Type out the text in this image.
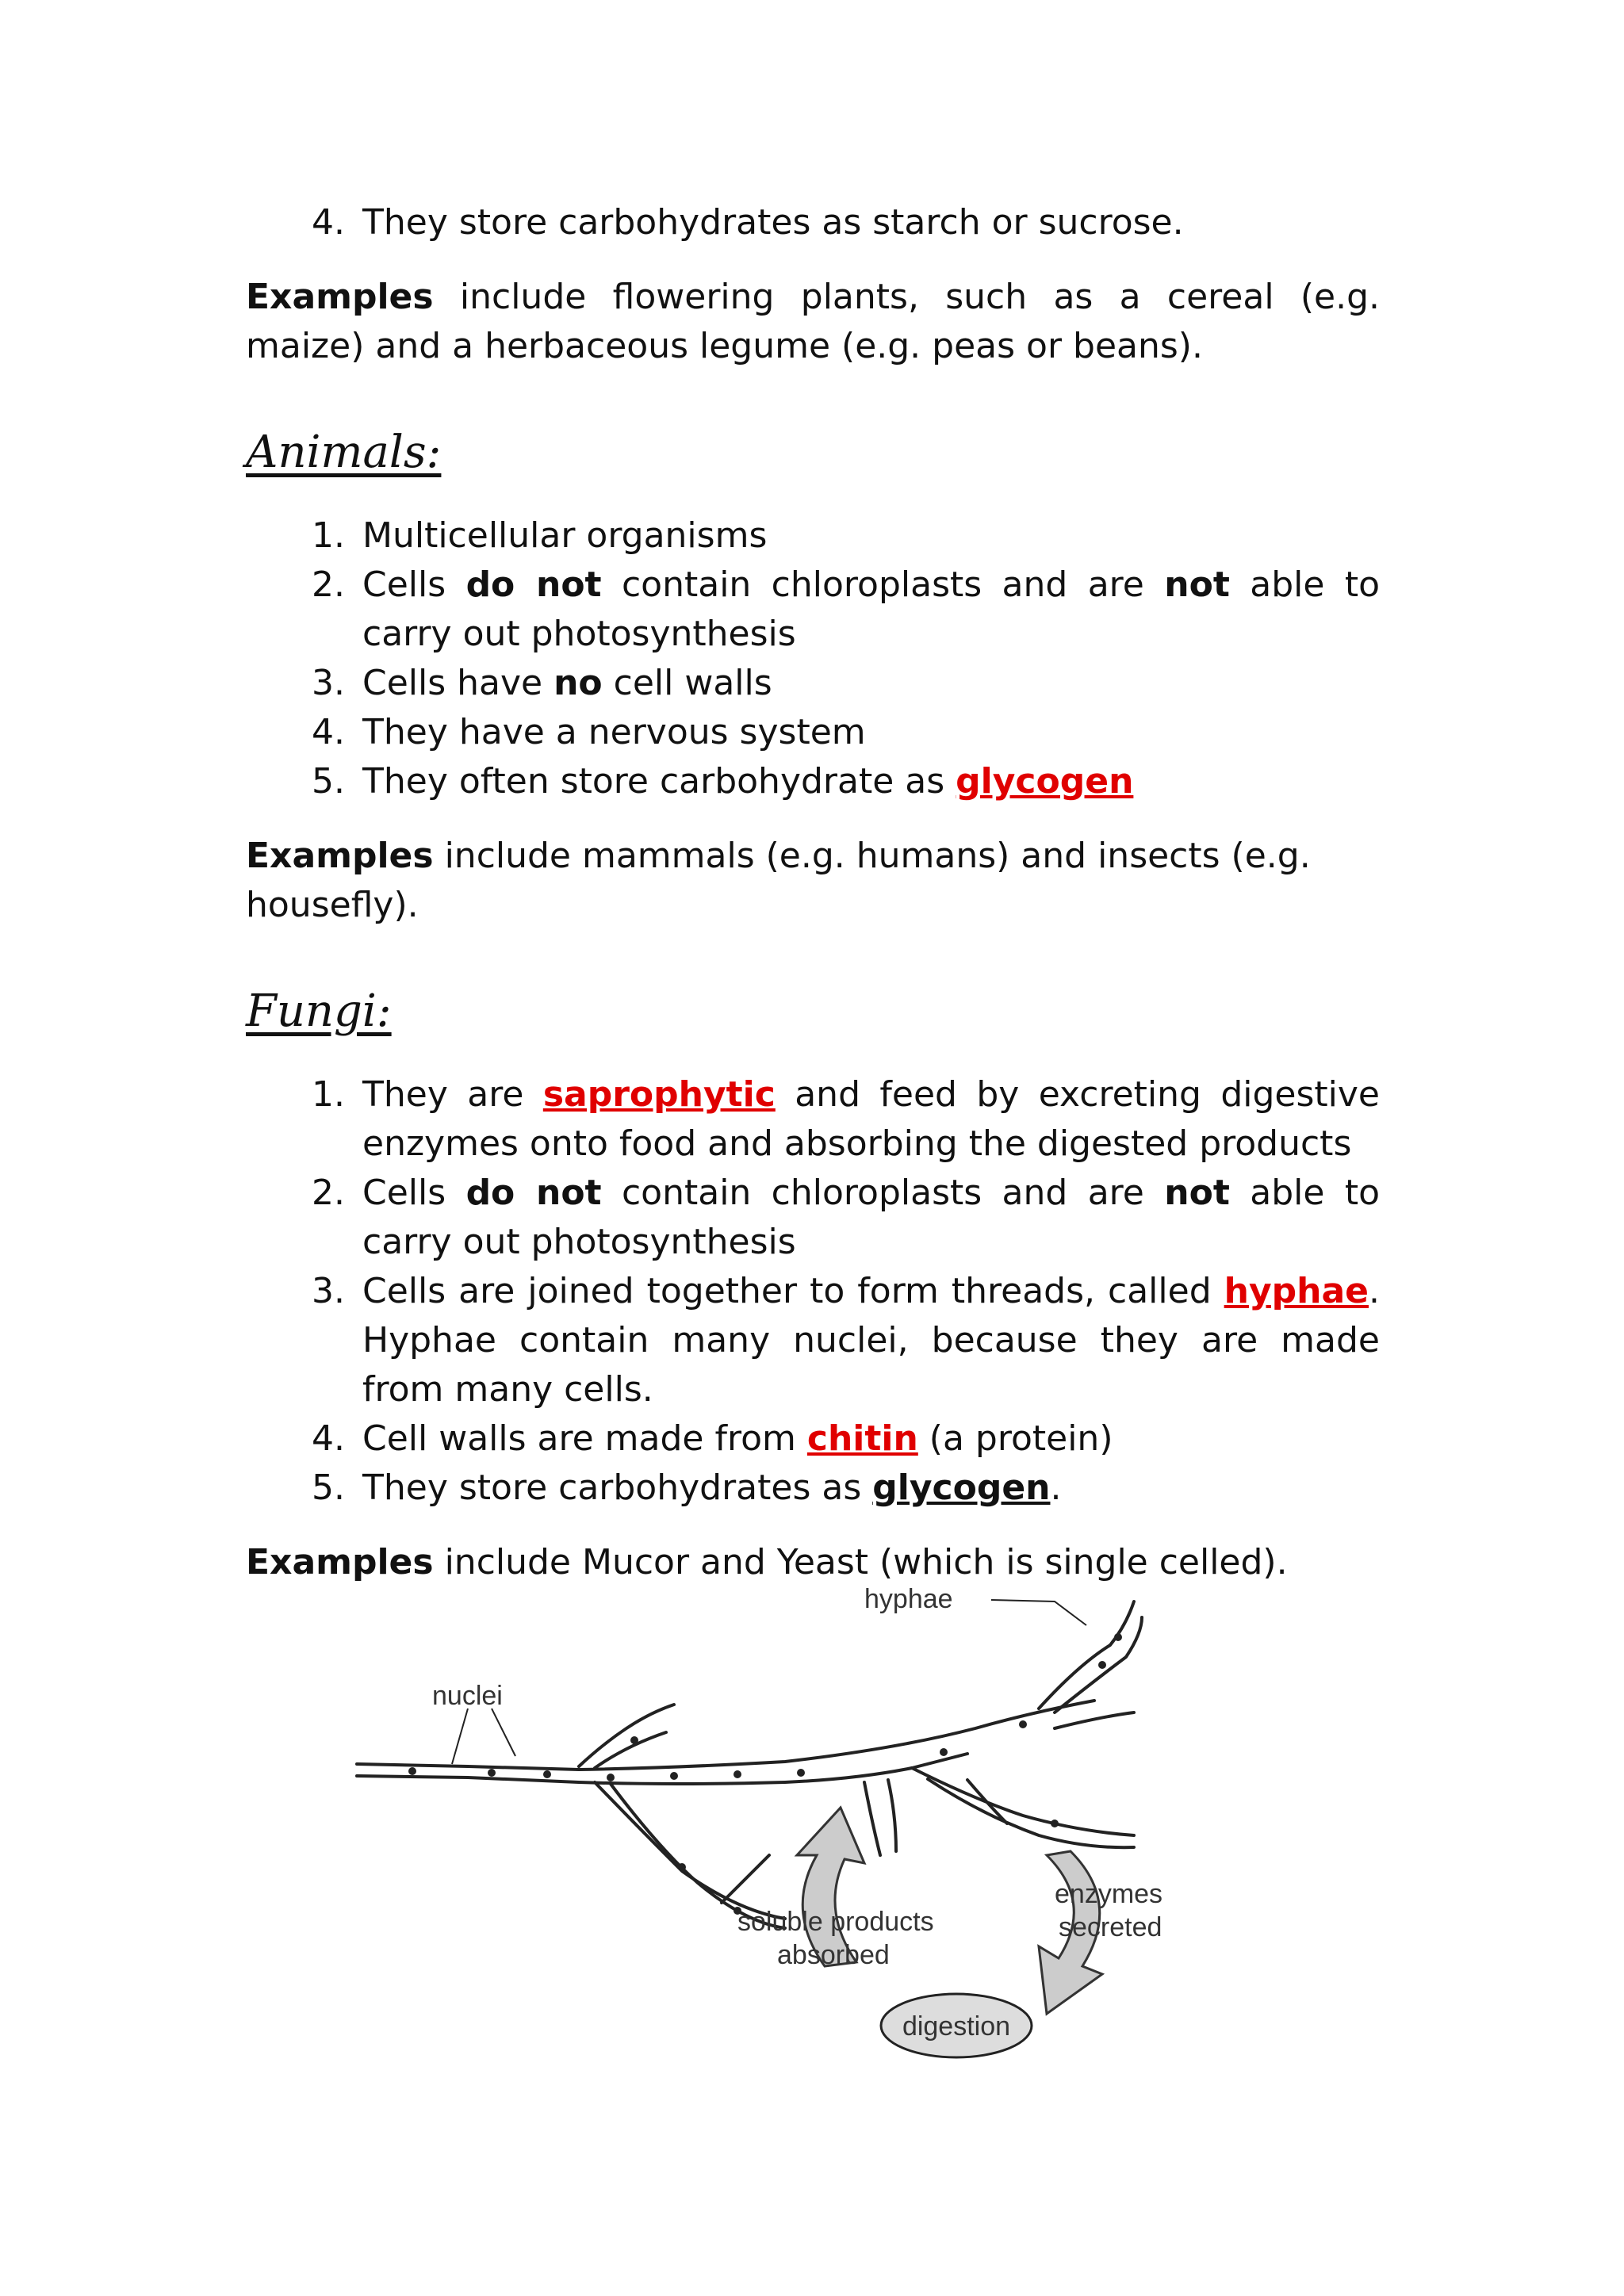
4. They store carbohydrates as starch or sucrose.

Examples include flowering plants, such as a cereal (e.g. maize) and a herbaceous legume (e.g. peas or beans).

Animals:
1. Multicellular organisms
2. Cells do not contain chloroplasts and are not able to carry out photosynthesis
3. Cells have no cell walls
4. They have a nervous system
5. They often store carbohydrate as glycogen

Examples include mammals (e.g. humans) and insects (e.g. housefly).

Fungi:
1. They are saprophytic and feed by excreting digestive enzymes onto food and absorbing the digested products
2. Cells do not contain chloroplasts and are not able to carry out photosynthesis
3. Cells are joined together to form threads, called hyphae. Hyphae contain many nuclei, because they are made from many cells.
4. Cell walls are made from chitin (a protein)
5. They store carbohydrates as glycogen.

Examples include Mucor and Yeast (which is single celled).

hyphae
nuclei
soluble products
absorbed
enzymes
secreted
digestion
